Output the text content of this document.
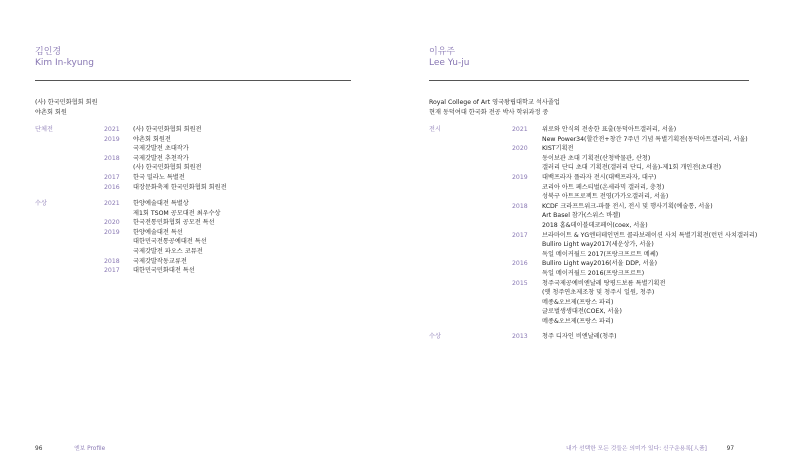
김인경
Kim In-kyung
(사) 한국민화협회 회원
야촌회 회원
단체전	2021 (사) 한국민화협회 회원전
2019 야촌회 회원전
국제갓발전 초대작가
2018 국제갓발전 추천작가
(사) 한국민화협회 회원전
2017 한국 밀라노 특별전
2016 대장문화축제 한국민화협회 회원전
수상	2021 한양예술대전 특별상
제1회 TSOM 공모대전 최우수상
2020 한국전통민화협회 공모전 특선
2019 한양예술대전 특선
대한민국전통공예대전 특선
국제갓발전 파오스 코뮤전
2018 국제갓발작동교류전
2017 대한민국민화대전 특선
96	엔보 Profile
이유주
Lee Yu-ju
Royal College of Art 영국왕립대학교 석사졸업
현재 동덕여대 한국화 전공 박사 학위과정 중
전시	2021 위로와 안식의 전송한 표출(동덕아트갤러리, 서울)
New Power34(할간전+창간 7주년 기념 특별기획전(동덕아트갤러리, 서울)
2020 KIST기획전
동이보관 초대 기획전(산청박물관, 산청)
갤러리 단디 초대 기획전(갤러리 단디, 서울)-제1회 개인전(초대전)
2019 대백프라자 플라자 전시(대백프라자, 대구)
코리아 아트 페스티벌(온세라믹 갤러리, 충청)
성북구 아트프로젝트 전영(가가오갤러리, 서울)
2018 KCDF 크라프트위크-파플 전시, 전시 및 행사기획(예술통, 서울)
Art Basel 참가(스위스 바젤)
2018 홈&데이블데코페어(coex, 서울)
2017 브라마이트 & YG엔터테인먼트 콜라보레이션 사치 특별기획전(런던 사치갤러리)
Bulliro Light way2017(세운상가, 서울)
독일 메이커월드 2017(프랑크프르트 메쎄)
2016 Bulliro Light way2016(서울 DDP, 서울)
독일 메이커월드 2016(프랑크프르트)
2015 청주국제공예비엔날레 탕평드보름 특별기획전
(옛 청주연초제조창 및 청주시 일원, 청주)
메종&오브제(프랑스 파리)
글로벌생생대전(COEX, 서울)
메종&오브제(프랑스 파리)
수상	2013 청주 디자인 비엔날레(청주)
내가 선택한 모든 것들은 의미가 있다: 신구운용록[人품]	97
